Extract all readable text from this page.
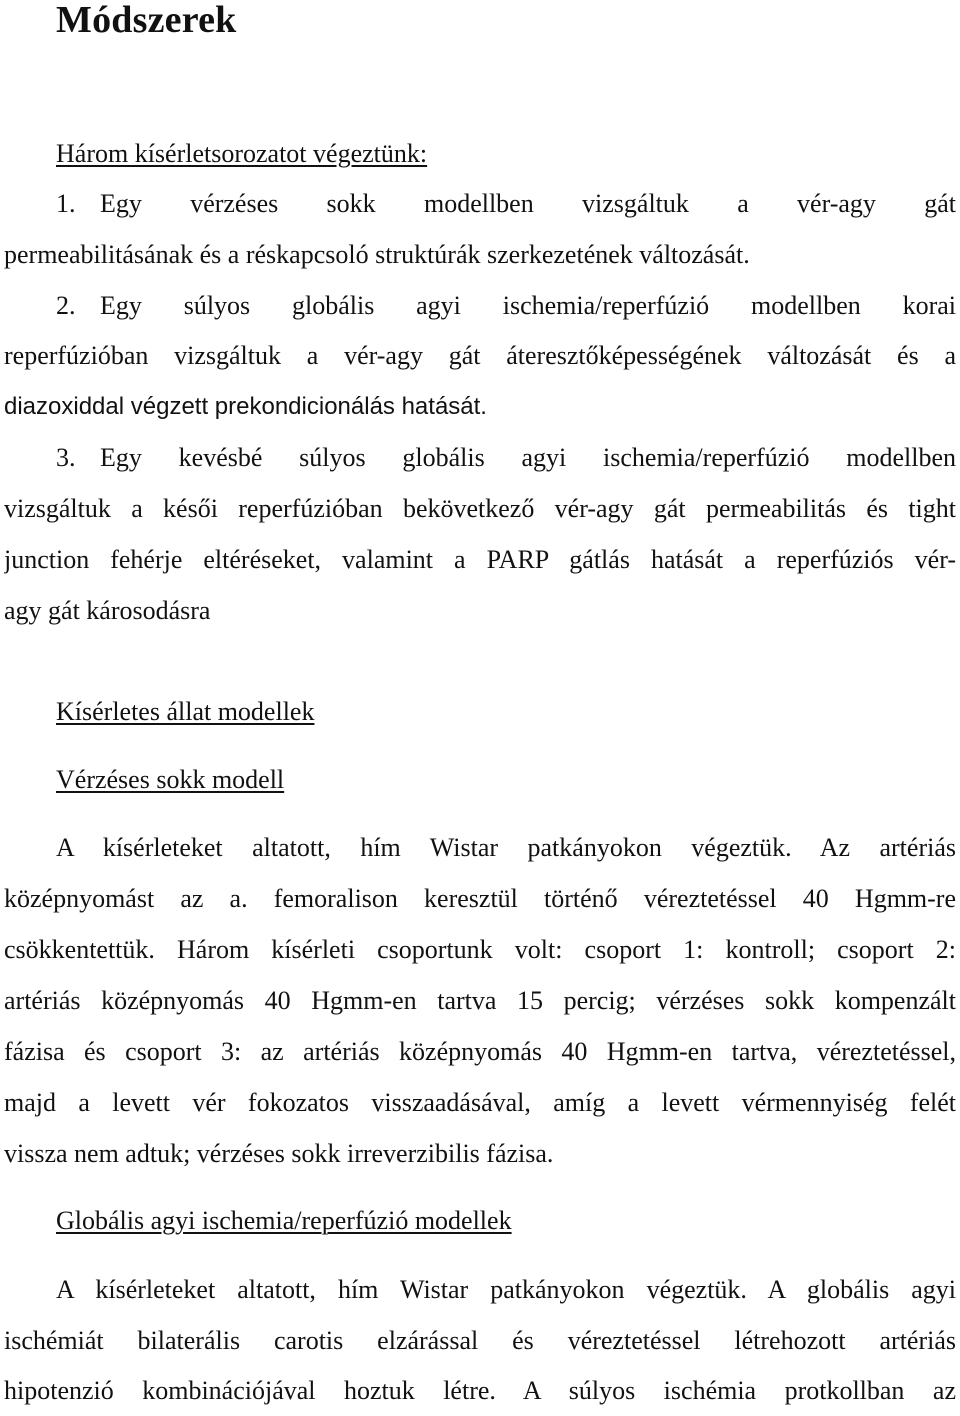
Módszerek
Három kísérletsorozatot végeztünk:
1. Egy vérzéses sokk modellben vizsgáltuk a vér-agy gát
permeabilitásának és a réskapcsoló struktúrák szerkezetének változását.
2. Egy súlyos globális agyi ischemia/reperfúzió modellben korai
reperfúzióban vizsgáltuk a vér-agy gát áteresztőképességének változását és a
diazoxiddal végzett prekondicionálás hatását.
3. Egy kevésbé súlyos globális agyi ischemia/reperfúzió modellben
vizsgáltuk a késői reperfúzióban bekövetkező vér-agy gát permeabilitás és tight
junction fehérje eltéréseket, valamint a PARP gátlás hatását a reperfúziós vér-
agy gát károsodásra
Kísérletes állat modellek
Vérzéses sokk modell
A kísérleteket altatott, hím Wistar patkányokon végeztük. Az artériás
középnyomást az a. femoralison keresztül történő véreztetéssel 40 Hgmm-re
csökkentettük. Három kísérleti csoportunk volt: csoport 1: kontroll; csoport 2:
artériás középnyomás 40 Hgmm-en tartva 15 percig; vérzéses sokk kompenzált
fázisa és csoport 3: az artériás középnyomás 40 Hgmm-en tartva, véreztetéssel,
majd a levett vér fokozatos visszaadásával, amíg a levett vérmennyiség felét
vissza nem adtuk; vérzéses sokk irreverzibilis fázisa.
Globális agyi ischemia/reperfúzió modellek
A kísérleteket altatott, hím Wistar patkányokon végeztük. A globális agyi
ischémiát bilaterális carotis elzárással és véreztetéssel létrehozott artériás
hipotenzió kombinációjával hoztuk létre. A súlyos ischémia protkollban az
